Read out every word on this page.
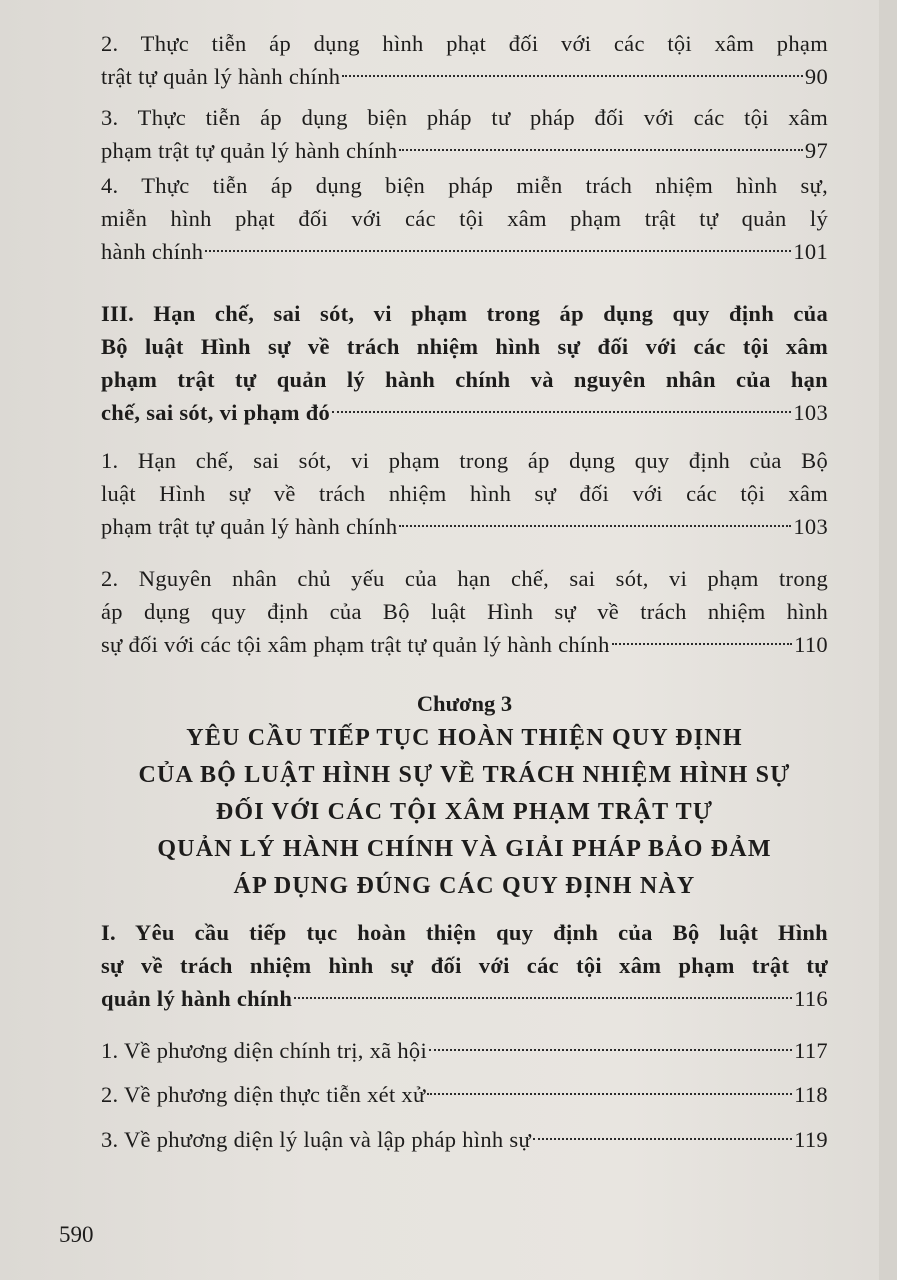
2. Thực tiễn áp dụng hình phạt đối với các tội xâm phạm
trật tự quản lý hành chính	90
3. Thực tiễn áp dụng biện pháp tư pháp đối với các tội xâm
phạm trật tự quản lý hành chính	97
4. Thực tiễn áp dụng biện pháp miễn trách nhiệm hình sự,
miễn hình phạt đối với các tội xâm phạm trật tự quản lý
hành chính	101
III. Hạn chế, sai sót, vi phạm trong áp dụng quy định của
Bộ luật Hình sự về trách nhiệm hình sự đối với các tội xâm
phạm trật tự quản lý hành chính và nguyên nhân của hạn
chế, sai sót, vi phạm đó	103
1. Hạn chế, sai sót, vi phạm trong áp dụng quy định của Bộ
luật Hình sự về trách nhiệm hình sự đối với các tội xâm
phạm trật tự quản lý hành chính	103
2. Nguyên nhân chủ yếu của hạn chế, sai sót, vi phạm trong
áp dụng quy định của Bộ luật Hình sự về trách nhiệm hình
sự đối với các tội xâm phạm trật tự quản lý hành chính	110
Chương 3
YÊU CẦU TIẾP TỤC HOÀN THIỆN QUY ĐỊNH
CỦA BỘ LUẬT HÌNH SỰ VỀ TRÁCH NHIỆM HÌNH SỰ
ĐỐI VỚI CÁC TỘI XÂM PHẠM TRẬT TỰ
QUẢN LÝ HÀNH CHÍNH VÀ GIẢI PHÁP BẢO ĐẢM
ÁP DỤNG ĐÚNG CÁC QUY ĐỊNH NÀY
I. Yêu cầu tiếp tục hoàn thiện quy định của Bộ luật Hình
sự về trách nhiệm hình sự đối với các tội xâm phạm trật tự
quản lý hành chính	116
1. Về phương diện chính trị, xã hội	117
2. Về phương diện thực tiễn xét xử	118
3. Về phương diện lý luận và lập pháp hình sự	119
590
